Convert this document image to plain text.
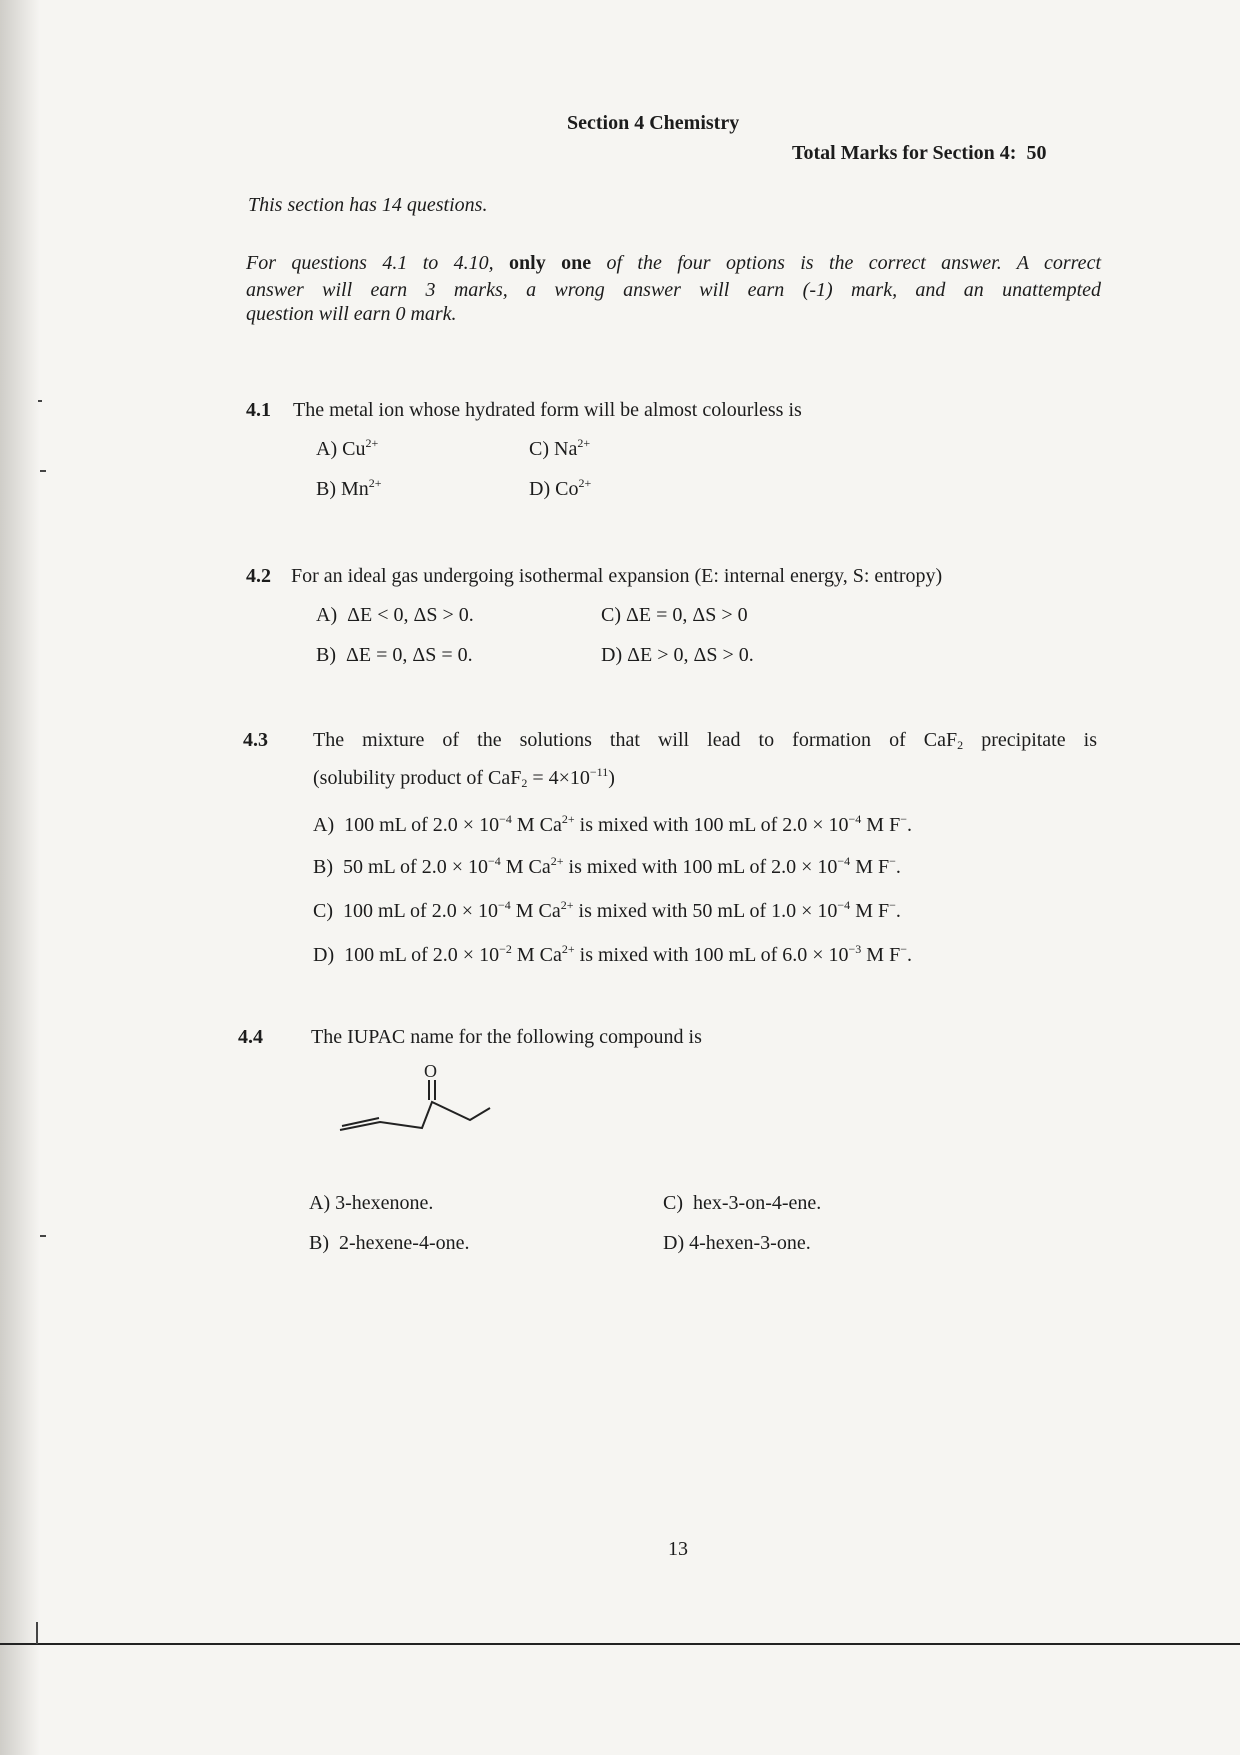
Section 4 Chemistry
Total Marks for Section 4: 50
This section has 14 questions.
For questions 4.1 to 4.10, only one of the four options is the correct answer. A correct
answer will earn 3 marks, a wrong answer will earn (-1) mark, and an unattempted
question will earn 0 mark.
4.1 The metal ion whose hydrated form will be almost colourless is
A) $Cu^{2+}$	C) $Na^{2+}$
B) $Mn^{2+}$	D) $Co^{2+}$
4.2 For an ideal gas undergoing isothermal expansion (E: internal energy, S: entropy)
A) ΔE < 0, ΔS > 0.	C) ΔE = 0, ΔS > 0
B) ΔE = 0, ΔS = 0.	D) ΔE > 0, ΔS > 0.
4.3 The mixture of the solutions that will lead to formation of CaF$_2$ precipitate is
(solubility product of $CaF_2 = 4\times 10^{-11}$)
A) 100 mL of $2.0 \times 10^{-4}$ M $Ca^{2+}$ is mixed with 100 mL of $2.0 \times 10^{-4}$ M F−.
B) 50 mL of $2.0 \times 10^{-4}$ M $Ca^{2+}$ is mixed with 100 mL of $2.0 \times 10^{-4}$ M F−.
C) 100 mL of $2.0 \times 10^{-4}$ M $Ca^{2+}$ is mixed with 50 mL of $1.0 \times 10^{-4}$ M F−.
D) 100 mL of $2.0 \times 10^{-2}$ M $Ca^{2+}$ is mixed with 100 mL of $6.0 \times 10^{-3}$ M F−.
4.4 The IUPAC name for the following compound is
O
A) 3-hexenone.	C) hex-3-on-4-ene.
B) 2-hexene-4-one.	D) 4-hexen-3-one.
13
